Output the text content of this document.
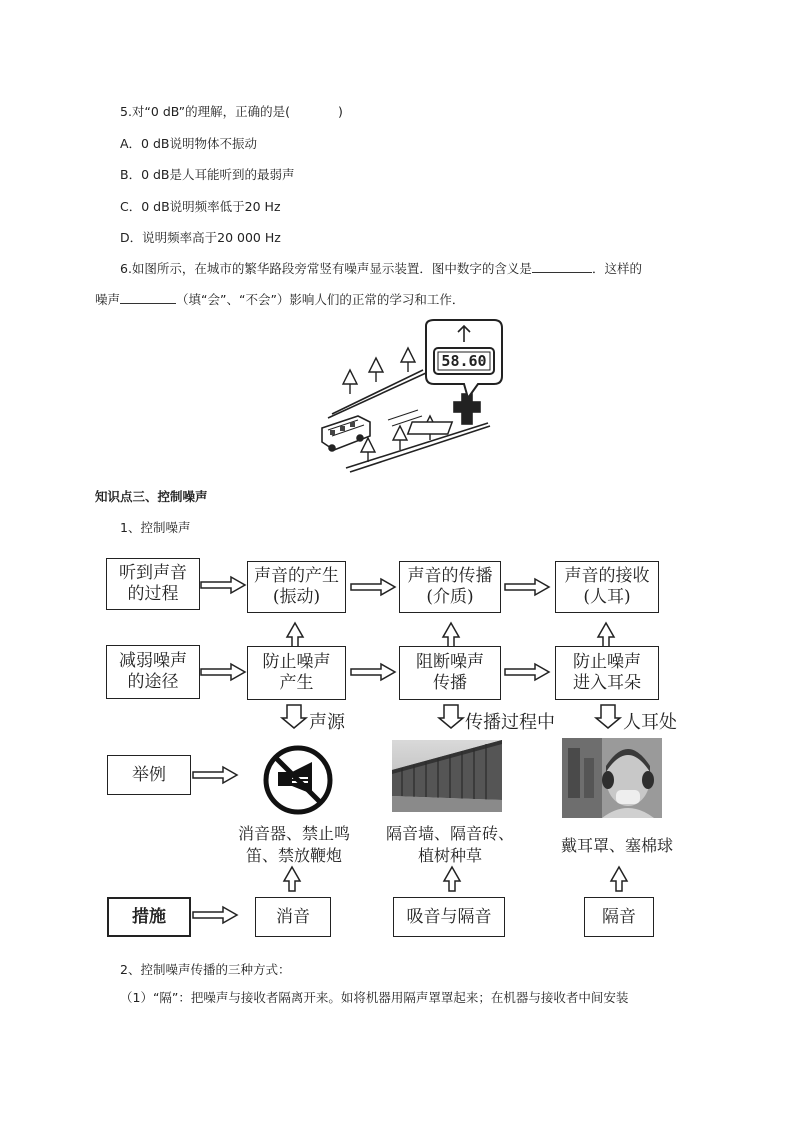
5.对“0 dB”的理解，正确的是(	)
A．0 dB说明物体不振动
B．0 dB是人耳能听到的最弱声
C．0 dB说明频率低于20 Hz
D．说明频率高于20 000 Hz
6.如图所示，在城市的繁华路段旁常竖有噪声显示装置．图中数字的含义是	．这样的
噪声	（填“会”、“不会”）影响人们的正常的学习和工作．
58.60
知识点三、控制噪声
1、控制噪声
听到声音
的过程
声音的产生
(振动)
声音的传播
(介质)
声音的接收
(人耳)
减弱噪声
的途径
防止噪声
产生
阻断噪声
传播
防止噪声
进入耳朵
声源	传播过程中	人耳处
举例
消音器、禁止鸣
笛、禁放鞭炮
隔音墙、隔音砖、
植树种草
戴耳罩、塞棉球
措施	消音	吸音与隔音	隔音
2、控制噪声传播的三种方式：
（1）“隔”：把噪声与接收者隔离开来。如将机器用隔声罩罩起来；在机器与接收者中间安装
